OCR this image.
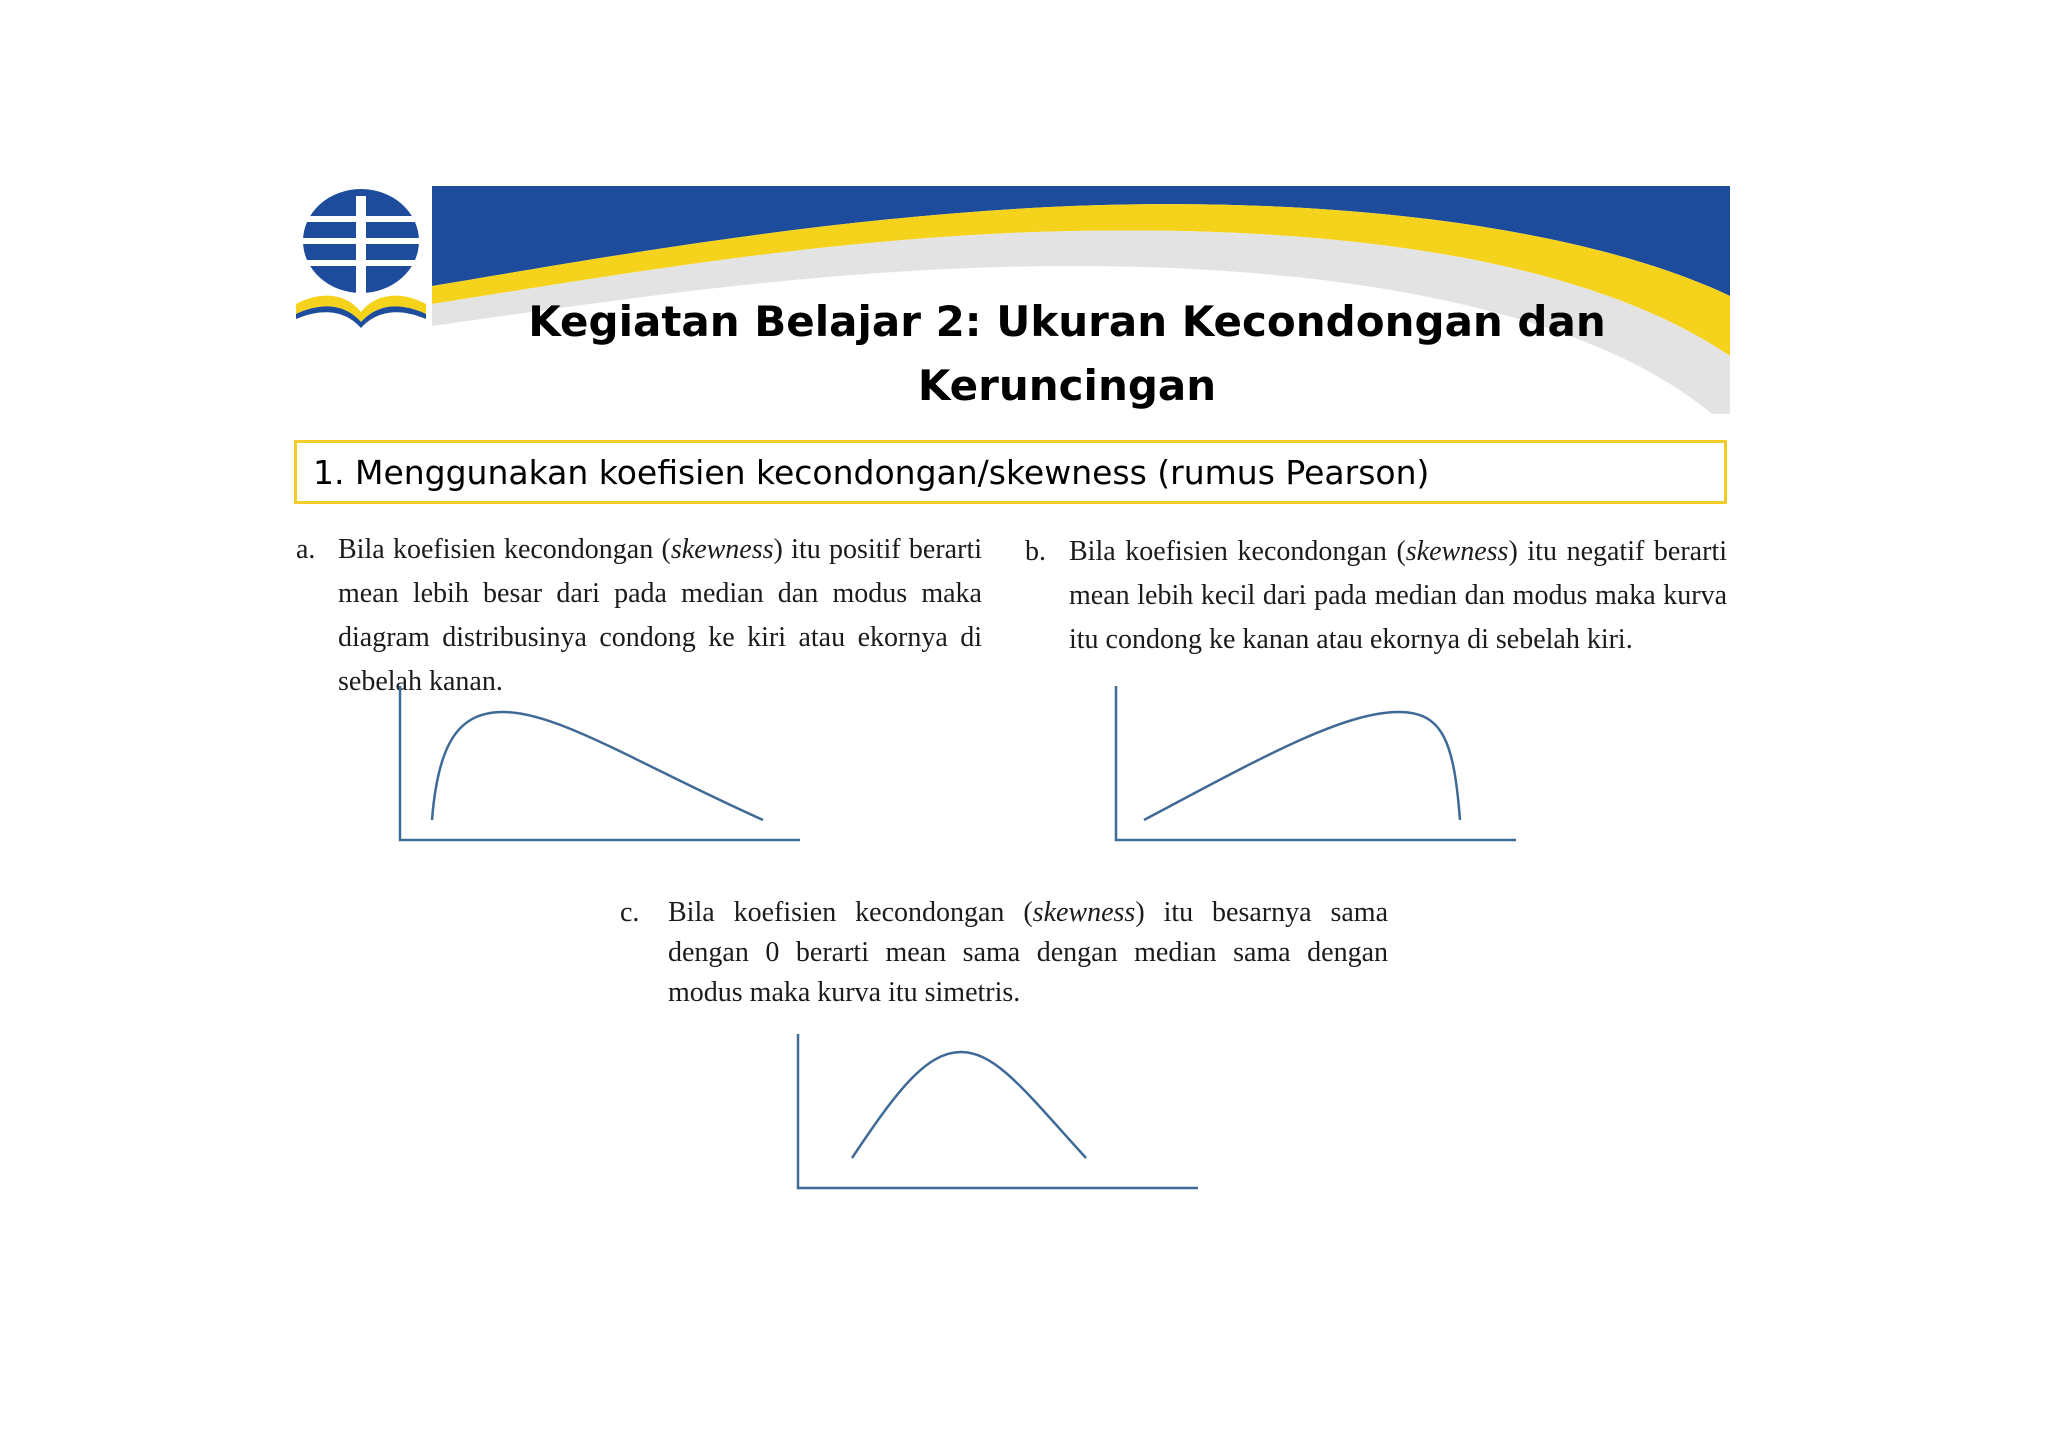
Kegiatan Belajar 2: Ukuran Kecondongan dan
Keruncingan
1. Menggunakan koefisien kecondongan/skewness (rumus Pearson)
a. Bila koefisien kecondongan (skewness) itu positif berarti mean lebih besar dari pada median dan modus maka diagram distribusinya condong ke kiri atau ekornya di sebelah kanan.
b. Bila koefisien kecondongan (skewness) itu negatif berarti mean lebih kecil dari pada median dan modus maka kurva itu condong ke kanan atau ekornya di sebelah kiri.
c. Bila koefisien kecondongan (skewness) itu besarnya sama dengan 0 berarti mean sama dengan median sama dengan modus maka kurva itu simetris.
